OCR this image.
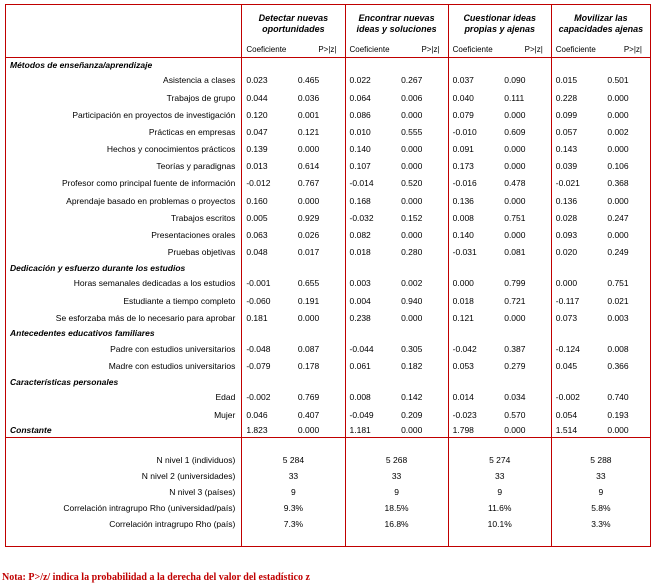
	Detectar nuevas oportunidades		Encontrar nuevas ideas y soluciones		Cuestionar ideas propias y ajenas		Movilizar las capacidades ajenas	
	Coeficiente	P>|z|	Coeficiente	P>|z|	Coeficiente	P>|z|	Coeficiente	P>|z|
Métodos de enseñanza/aprendizaje								
Asistencia a clases	0.023	0.465	0.022	0.267	0.037	0.090	0.015	0.501
Trabajos de grupo	0.044	0.036	0.064	0.006	0.040	0.111	0.228	0.000
Participación en proyectos de investigación	0.120	0.001	0.086	0.000	0.079	0.000	0.099	0.000
Prácticas en empresas	0.047	0.121	0.010	0.555	-0.010	0.609	0.057	0.002
Hechos y conocimientos prácticos	0.139	0.000	0.140	0.000	0.091	0.000	0.143	0.000
Teorías y paradignas	0.013	0.614	0.107	0.000	0.173	0.000	0.039	0.106
Profesor como principal fuente de información	-0.012	0.767	-0.014	0.520	-0.016	0.478	-0.021	0.368
Aprendaje basado en problemas o proyectos	0.160	0.000	0.168	0.000	0.136	0.000	0.136	0.000
Trabajos escritos	0.005	0.929	-0.032	0.152	0.008	0.751	0.028	0.247
Presentaciones orales	0.063	0.026	0.082	0.000	0.140	0.000	0.093	0.000
Pruebas objetivas	0.048	0.017	0.018	0.280	-0.031	0.081	0.020	0.249
Dedicación y esfuerzo durante los estudios								
Horas semanales dedicadas a los estudios	-0.001	0.655	0.003	0.002	0.000	0.799	0.000	0.751
Estudiante a tiempo completo	-0.060	0.191	0.004	0.940	0.018	0.721	-0.117	0.021
Se esforzaba más de lo necesario para aprobar	0.181	0.000	0.238	0.000	0.121	0.000	0.073	0.003
Antecedentes educativos familiares								
Padre con estudios universitarios	-0.048	0.087	-0.044	0.305	-0.042	0.387	-0.124	0.008
Madre con estudios universitarios	-0.079	0.178	0.061	0.182	0.053	0.279	0.045	0.366
Características personales								
Edad	-0.002	0.769	0.008	0.142	0.014	0.034	-0.002	0.740
Mujer	0.046	0.407	-0.049	0.209	-0.023	0.570	0.054	0.193
Constante	1.823	0.000	1.181	0.000	1.798	0.000	1.514	0.000

N nivel 1 (individuos)	5 284		5 268		5 274		5 288	
N nivel 2 (universidades)	33		33		33		33	
N nivel 3 (países)	9		9		9		9	
Correlación intragrupo Rho (universidad/país)	9.3%		18.5%		11.6%		5.8%	
Correlación intragrupo Rho (país)	7.3%		16.8%		10.1%		3.3%	

Nota: P>/z/ indica la probabilidad a la derecha del valor del estadístico z
